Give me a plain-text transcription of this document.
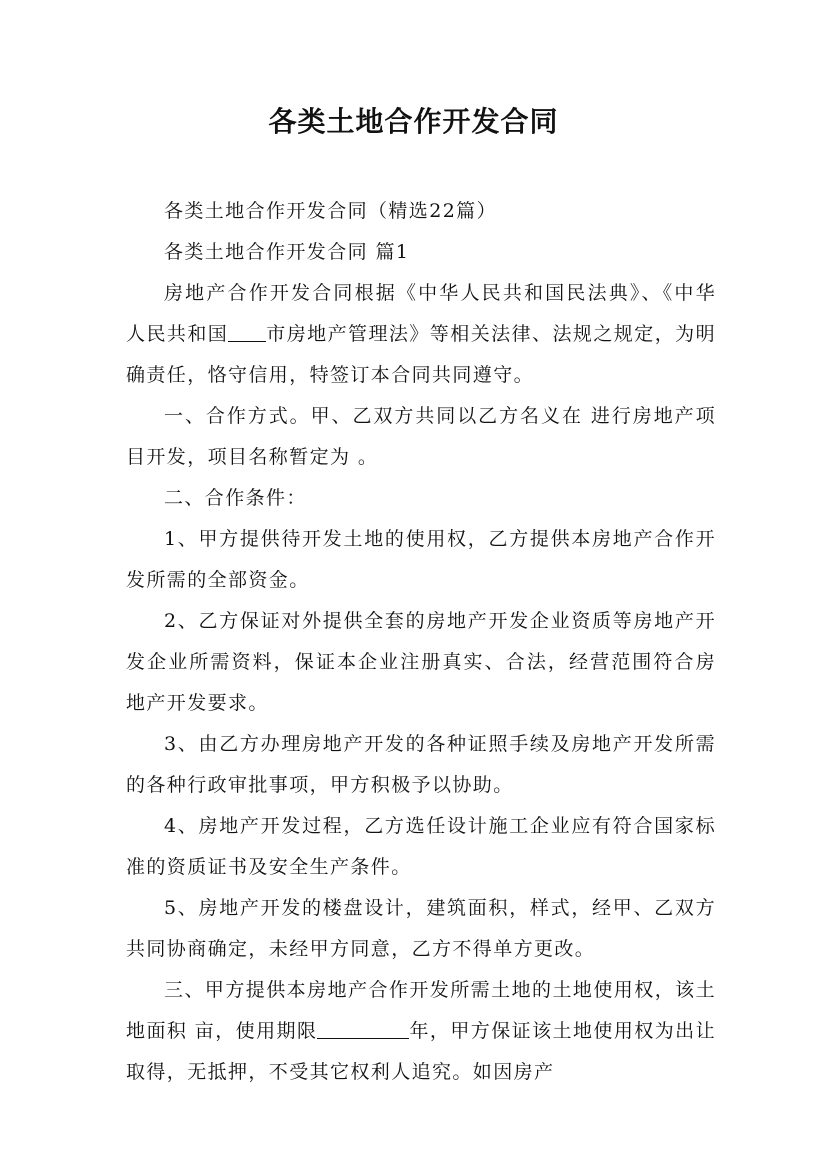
各类土地合作开发合同

各类土地合作开发合同（精选22篇）

各类土地合作开发合同 篇1

房地产合作开发合同根据《中华人民共和国民法典》、《中华人民共和国 市房地产管理法》等相关法律、法规之规定，为明确责任，恪守信用，特签订本合同共同遵守。

一、合作方式。甲、乙双方共同以乙方名义在 进行房地产项目开发，项目名称暂定为 。

二、合作条件：

1、甲方提供待开发土地的使用权，乙方提供本房地产合作开发所需的全部资金。

2、乙方保证对外提供全套的房地产开发企业资质等房地产开发企业所需资料，保证本企业注册真实、合法，经营范围符合房地产开发要求。

3、由乙方办理房地产开发的各种证照手续及房地产开发所需的各种行政审批事项，甲方积极予以协助。

4、房地产开发过程，乙方选任设计施工企业应有符合国家标准的资质证书及安全生产条件。

5、房地产开发的楼盘设计，建筑面积，样式，经甲、乙双方共同协商确定，未经甲方同意，乙方不得单方更改。

三、甲方提供本房地产合作开发所需土地的土地使用权，该土地面积 亩，使用期限	年，甲方保证该土地使用权为出让取得，无抵押，不受其它权利人追究。如因房产
